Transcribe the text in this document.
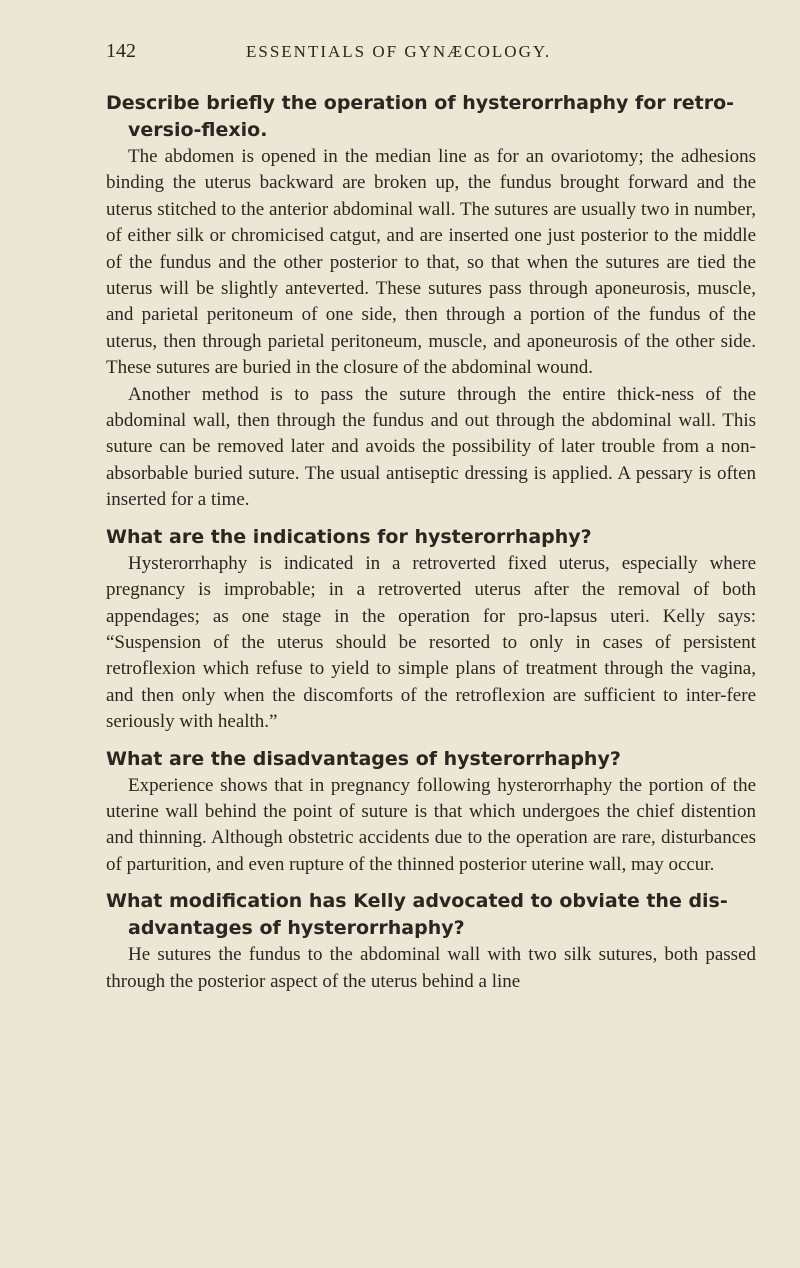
142	ESSENTIALS OF GYNÆCOLOGY.

Describe briefly the operation of hysterorrhaphy for retro-versio-flexio.

The abdomen is opened in the median line as for an ovariotomy; the adhesions binding the uterus backward are broken up, the fundus brought forward and the uterus stitched to the anterior abdominal wall. The sutures are usually two in number, of either silk or chromicised catgut, and are inserted one just posterior to the middle of the fundus and the other posterior to that, so that when the sutures are tied the uterus will be slightly anteverted. These sutures pass through aponeurosis, muscle, and parietal peritoneum of one side, then through a portion of the fundus of the uterus, then through parietal peritoneum, muscle, and aponeurosis of the other side. These sutures are buried in the closure of the abdominal wound.

Another method is to pass the suture through the entire thick-ness of the abdominal wall, then through the fundus and out through the abdominal wall. This suture can be removed later and avoids the possibility of later trouble from a non-absorbable buried suture. The usual antiseptic dressing is applied. A pessary is often inserted for a time.

What are the indications for hysterorrhaphy?

Hysterorrhaphy is indicated in a retroverted fixed uterus, especially where pregnancy is improbable; in a retroverted uterus after the removal of both appendages; as one stage in the operation for pro-lapsus uteri. Kelly says: “Suspension of the uterus should be resorted to only in cases of persistent retroflexion which refuse to yield to simple plans of treatment through the vagina, and then only when the discomforts of the retroflexion are sufficient to inter-fere seriously with health.”

What are the disadvantages of hysterorrhaphy?

Experience shows that in pregnancy following hysterorrhaphy the portion of the uterine wall behind the point of suture is that which undergoes the chief distention and thinning. Although obstetric accidents due to the operation are rare, disturbances of parturition, and even rupture of the thinned posterior uterine wall, may occur.

What modification has Kelly advocated to obviate the dis-advantages of hysterorrhaphy?

He sutures the fundus to the abdominal wall with two silk sutures, both passed through the posterior aspect of the uterus behind a line
